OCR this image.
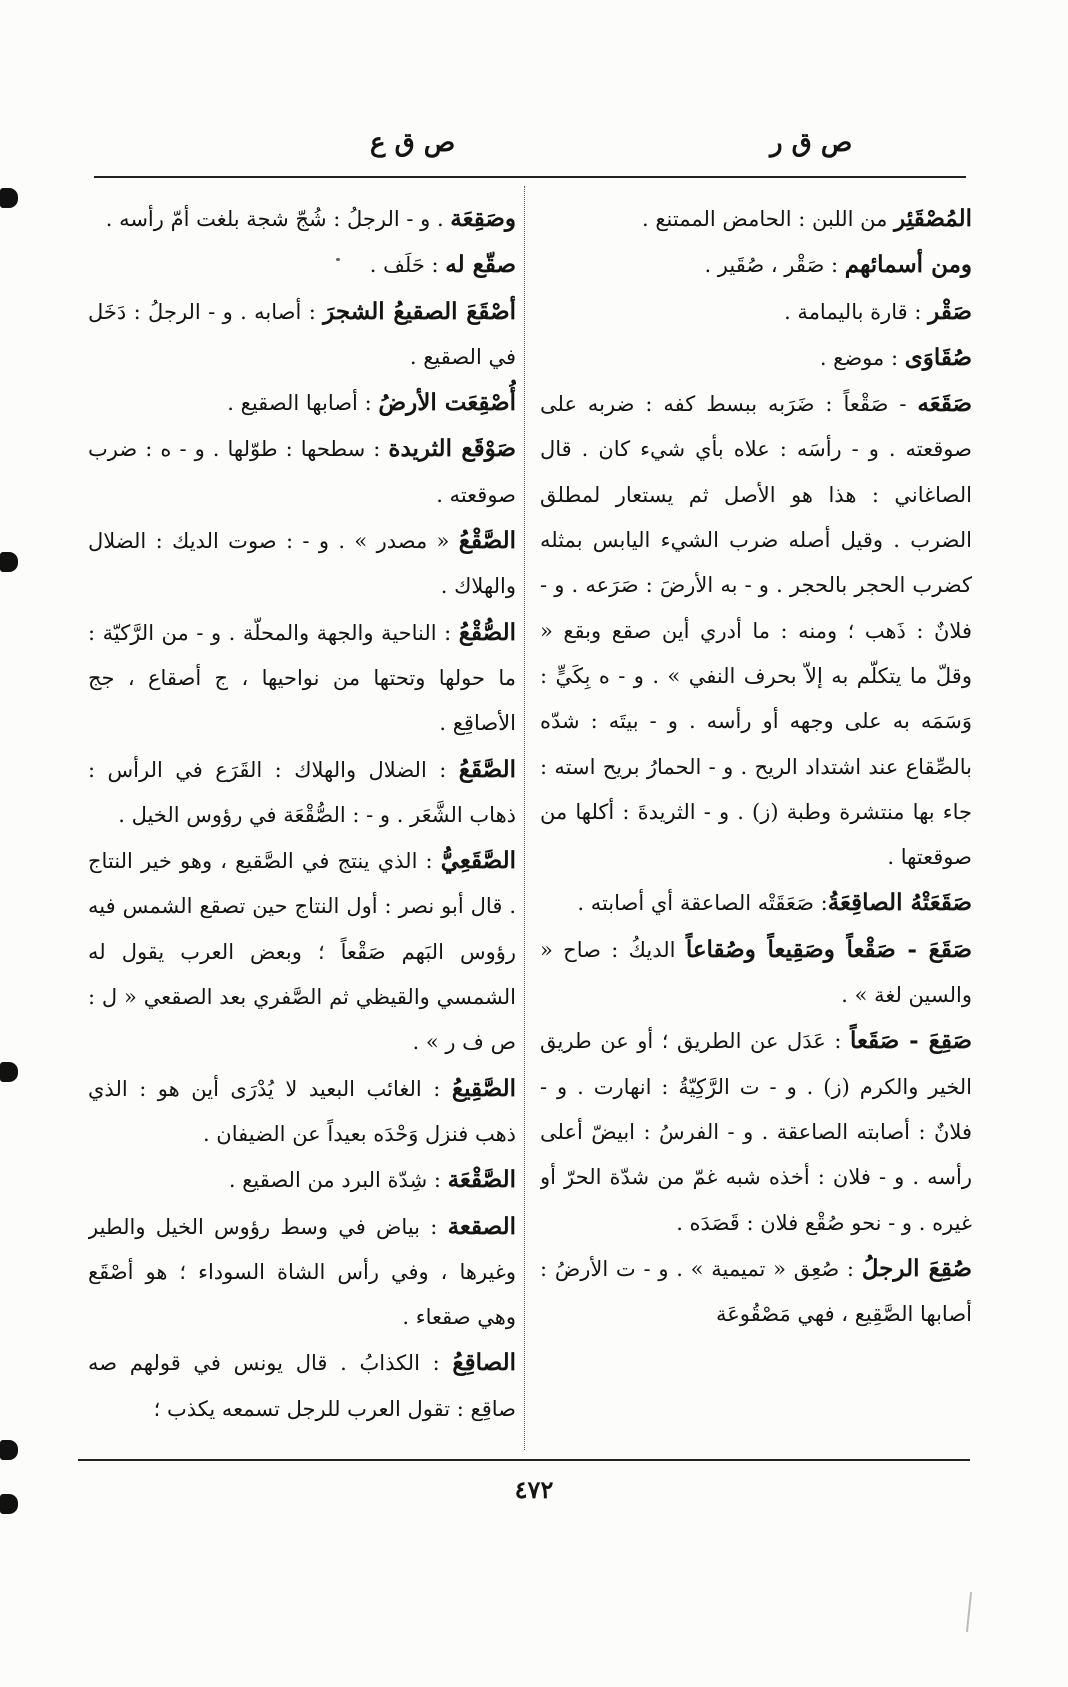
ص ق ع	ص ق ر

المُصْقَئِر من اللبن : الحامض الممتنع .

ومن أسمائهم : صَقْر ، صُقَير .

صَقْر : قارة باليمامة .

صُقَاوَى : موضع .

صَقَعَه - صَقْعاً : ضَرَبه ببسط كفه : ضربه على صوقعته . و - رأسَه : علاه بأي شيء كان . قال الصاغاني : هذا هو الأصل ثم يستعار لمطلق الضرب . وقيل أصله ضرب الشيء اليابس بمثله كضرب الحجر بالحجر . و - به الأرضَ : صَرَعه . و - فلانٌ : ذَهب ؛ ومنه : ما أدري أين صقع وبقع « وقلّ ما يتكلّم به إلاّ بحرف النفي » . و - ه بِكَيٍّ : وَسَمَه به على وجهه أو رأسه . و - بيتَه : شدّه بالصِّقاع عند اشتداد الريح . و - الحمارُ بريح استه : جاء بها منتشرة وطبة (ز) . و - الثريدةَ : أكلها من صوقعتها .

صَقَعَتْهُ الصاقِعَةُ: صَعَقَتْه الصاعقة أي أصابته .

صَقَعَ - صَقْعاً وصَقِيعاً وصُقاعاً الديكُ : صاح « والسين لغة » .

صَقِعَ - صَقَعاً : عَدَل عن الطريق ؛ أو عن طريق الخير والكرم (ز) . و - ت الرَّكِيّةُ : انهارت . و - فلانٌ : أصابته الصاعقة . و - الفرسُ : ابيضّ أعلى رأسه . و - فلان : أخذه شبه غمّ من شدّة الحرّ أو غيره . و - نحو صُقْع فلان : قَصَدَه .

صُقِعَ الرجلُ : صُعِق « تميمية » . و - ت الأرضُ : أصابها الصَّقِيع ، فهي مَصْقُوعَة

وصَقِعَة . و - الرجلُ : شُجّ شجة بلغت أمّ رأسه .

صقّع له : حَلَف .

أصْقَعَ الصقيعُ الشجرَ : أصابه . و - الرجلُ : دَخَل في الصقيع .

أُصْقِعَت الأرضُ : أصابها الصقيع .

صَوْقَع الثريدة : سطحها : طوّلها . و - ه : ضرب صوقعته .

الصَّقْعُ « مصدر » . و - : صوت الديك : الضلال والهلاك .

الصُّقْعُ : الناحية والجهة والمحلّة . و - من الرَّكيّة : ما حولها وتحتها من نواحيها ، ج أصقاع ، جج الأصاقِع .

الصَّقَعُ : الضلال والهلاك : القَرَع في الرأس : ذهاب الشَّعَر . و - : الصُّقْعَة في رؤوس الخيل .

الصَّقَعِيُّ : الذي ينتج في الصَّقيع ، وهو خير النتاج . قال أبو نصر : أول النتاج حين تصقع الشمس فيه رؤوس البَهم صَقْعاً ؛ وبعض العرب يقول له الشمسي والقيظي ثم الصَّفري بعد الصقعي « ل : ص ف ر » .

الصَّقِيعُ : الغائب البعيد لا يُدْرَى أين هو : الذي ذهب فنزل وَحْدَه بعيداً عن الضيفان .

الصَّقْعَة : شِدّة البرد من الصقيع .

الصقعة : بياض في وسط رؤوس الخيل والطير وغيرها ، وفي رأس الشاة السوداء ؛ هو أصْقَع وهي صقعاء .

الصاقِعُ : الكذابُ . قال يونس في قولهم صه صاقِع : تقول العرب للرجل تسمعه يكذب ؛

٤٧٢
